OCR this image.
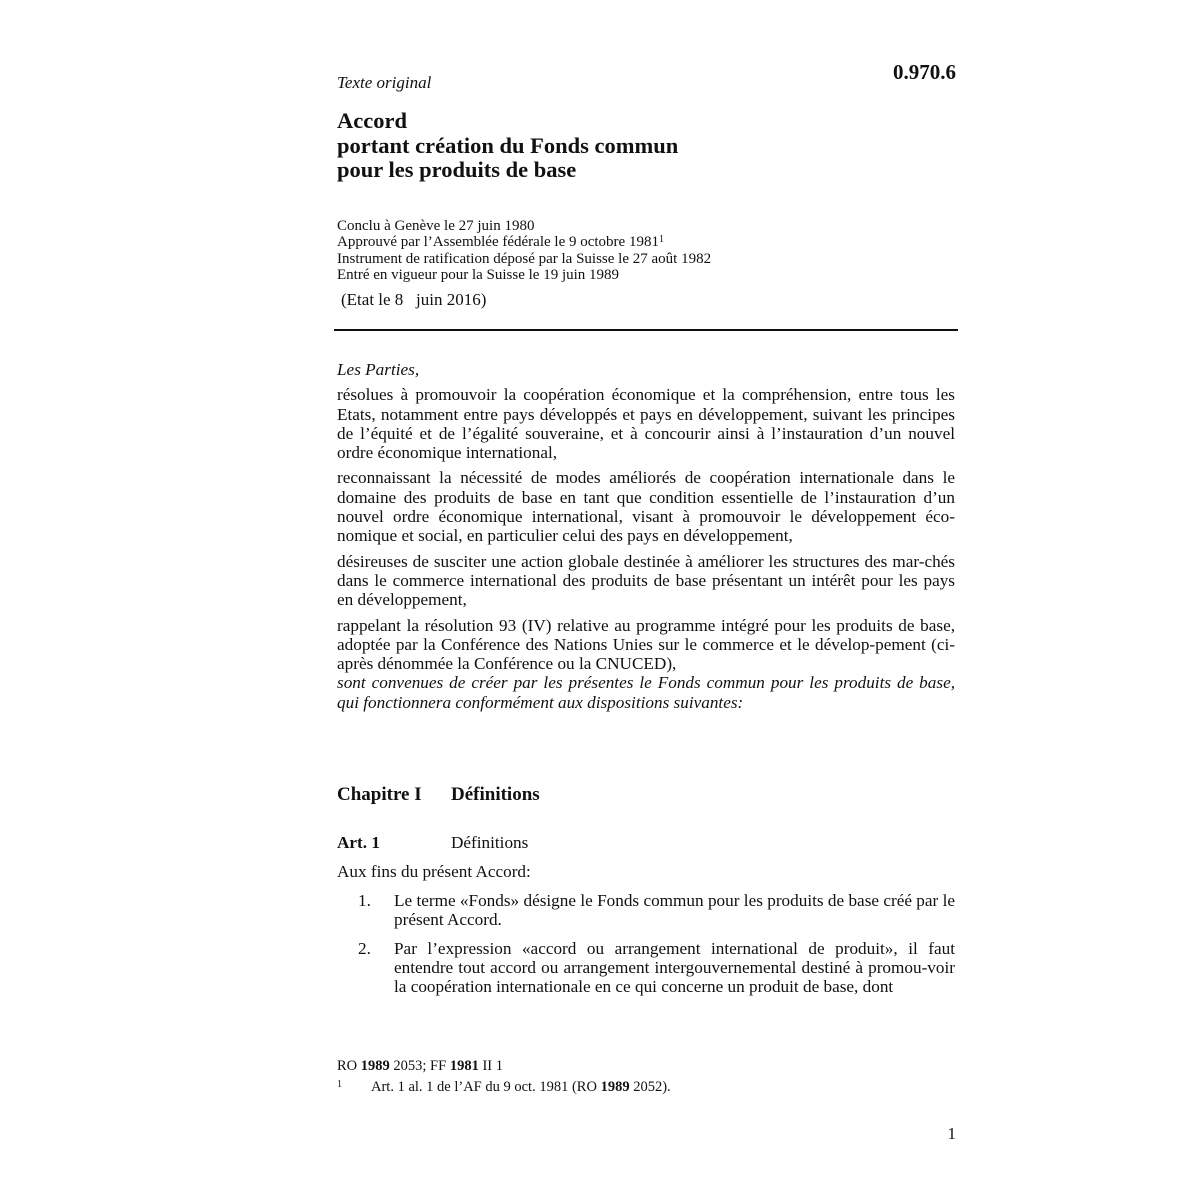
Texte original	0.970.6
Accord
portant création du Fonds commun
pour les produits de base
Conclu à Genève le 27 juin 1980
Approuvé par l’Assemblée fédérale le 9 octobre 1981$^1$
Instrument de ratification déposé par la Suisse le 27 août 1982
Entré en vigueur pour la Suisse le 19 juin 1989
(Etat le 8   juin 2016)

Les Parties,

résolues à promouvoir la coopération économique et la compréhension, entre tous les Etats, notamment entre pays développés et pays en développement, suivant les principes de l’équité et de l’égalité souveraine, et à concourir ainsi à l’instauration d’un nouvel ordre économique international,

reconnaissant la nécessité de modes améliorés de coopération internationale dans le domaine des produits de base en tant que condition essentielle de l’instauration d’un nouvel ordre économique international, visant à promouvoir le développement éco-nomique et social, en particulier celui des pays en développement,

désireuses de susciter une action globale destinée à améliorer les structures des mar-chés dans le commerce international des produits de base présentant un intérêt pour les pays en développement,

rappelant la résolution 93 (IV) relative au programme intégré pour les produits de base, adoptée par la Conférence des Nations Unies sur le commerce et le dévelop-pement (ci-après dénommée la Conférence ou la CNUCED),

sont convenues de créer par les présentes le Fonds commun pour les produits de base, qui fonctionnera conformément aux dispositions suivantes:

Chapitre I Définitions
Art. 1	Définitions
Aux fins du présent Accord:
1.	Le terme «Fonds» désigne le Fonds commun pour les produits de base créé par le présent Accord.
2.	Par l’expression «accord ou arrangement international de produit», il faut entendre tout accord ou arrangement intergouvernemental destiné à promou-voir la coopération internationale en ce qui concerne un produit de base, dont
RO 1989 2053; FF 1981 II 1
1 Art. 1 al. 1 de l’AF du 9 oct. 1981 (RO 1989 2052).
1
